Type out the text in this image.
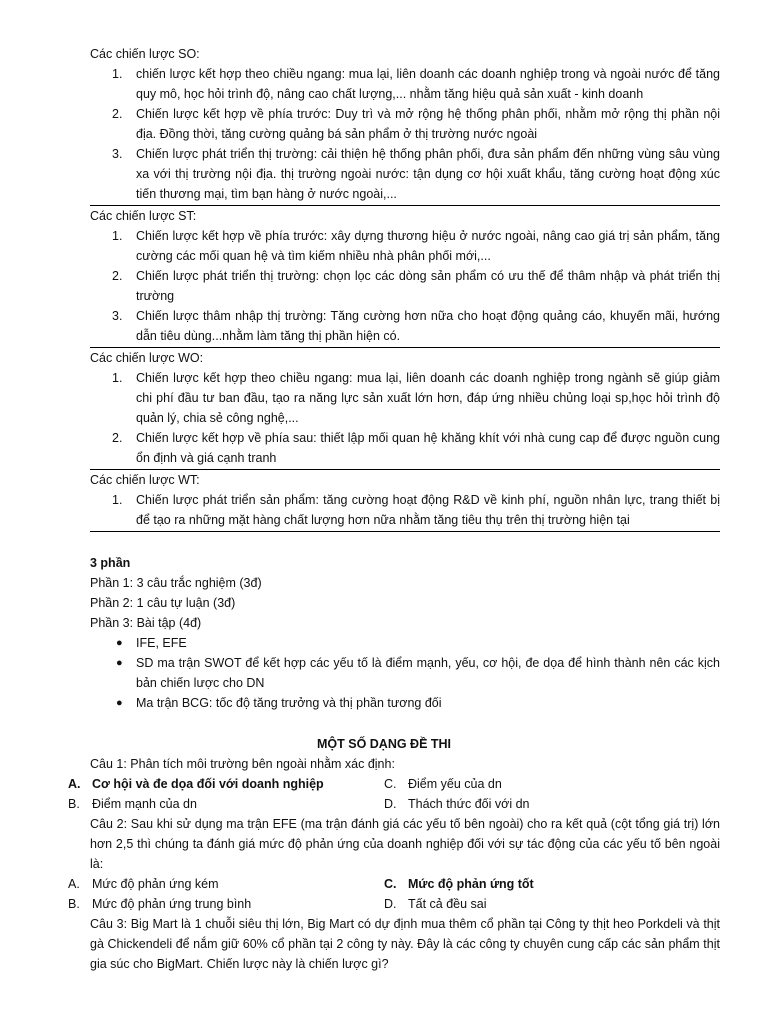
Các chiến lược SO:
1. chiến lược kết hợp theo chiều ngang: mua lại, liên doanh các doanh nghiệp trong và ngoài nước để tăng quy mô, học hỏi trình độ, nâng cao chất lượng,... nhằm tăng hiệu quả sản xuất - kinh doanh
2. Chiến lược kết hợp về phía trước: Duy trì và mở rộng hệ thống phân phối, nhằm mở rộng thị phần nội địa. Đồng thời, tăng cường quảng bá sản phẩm ở thị trường nước ngoài
3. Chiến lược phát triển thị trường: cải thiện hệ thống phân phối, đưa sản phẩm đến những vùng sâu vùng xa với thị trường nội địa. thị trường ngoài nước: tận dụng cơ hội xuất khẩu, tăng cường hoạt động xúc tiến thương mại, tìm bạn hàng ở nước ngoài,...
Các chiến lược ST:
1. Chiến lược kết hợp về phía trước: xây dựng thương hiệu ở nước ngoài, nâng cao giá trị sản phẩm, tăng cường các mối quan hệ và tìm kiếm nhiều nhà phân phối mới,...
2. Chiến lược phát triển thị trường: chọn lọc các dòng sản phẩm có ưu thế để thâm nhập và phát triển thị trường
3. Chiến lược thâm nhập thị trường: Tăng cường hơn nữa cho hoạt động quảng cáo, khuyến mãi, hướng dẫn tiêu dùng...nhằm làm tăng thị phần hiện có.
Các chiến lược WO:
1. Chiến lược kết hợp theo chiều ngang: mua lại, liên doanh các doanh nghiệp trong ngành sẽ giúp giảm chi phí đầu tư ban đầu, tạo ra năng lực sản xuất lớn hơn, đáp ứng nhiều chủng loại sp,học hỏi trình độ quản lý, chia sẻ công nghệ,...
2. Chiến lược kết hợp về phía sau: thiết lập mối quan hệ khăng khít với nhà cung cap để được nguồn cung ổn định và giá cạnh tranh
Các chiến lược WT:
1. Chiến lược phát triển sản phẩm: tăng cường hoạt động R&D về kinh phí, nguồn nhân lực, trang thiết bị để tạo ra những mặt hàng chất lượng hơn nữa nhằm tăng tiêu thụ trên thị trường hiện tại
3 phần
Phần 1: 3 câu trắc nghiệm (3đ)
Phần 2: 1 câu tự luận (3đ)
Phần 3: Bài tập (4đ)
● IFE, EFE
● SD ma trận SWOT để kết hợp các yếu tố là điểm mạnh, yếu, cơ hội, đe dọa để hình thành nên các kịch bản chiến lược cho DN
● Ma trận BCG: tốc độ tăng trưởng và thị phần tương đối
MỘT SỐ DẠNG ĐỀ THI
Câu 1: Phân tích môi trường bên ngoài nhằm xác định:
A. Cơ hội và đe dọa đối với doanh nghiệp	C. Điểm yếu của dn
B. Điểm mạnh của dn	D. Thách thức đối với dn
Câu 2: Sau khi sử dụng ma trận EFE (ma trận đánh giá các yếu tố bên ngoài) cho ra kết quả (cột tổng giá trị) lớn hơn 2,5 thì chúng ta đánh giá mức độ phản ứng của doanh nghiệp đối với sự tác động của các yếu tố bên ngoài là:
A. Mức độ phản ứng kém	C. Mức độ phản ứng tốt
B. Mức độ phản ứng trung bình	D. Tất cả đều sai
Câu 3: Big Mart là 1 chuỗi siêu thị lớn, Big Mart có dự định mua thêm cổ phần tại Công ty thịt heo Porkdeli và thịt gà Chickendeli để nắm giữ 60% cổ phần tại 2 công ty này. Đây là các công ty chuyên cung cấp các sản phẩm thịt gia súc cho BigMart. Chiến lược này là chiến lược gì?
